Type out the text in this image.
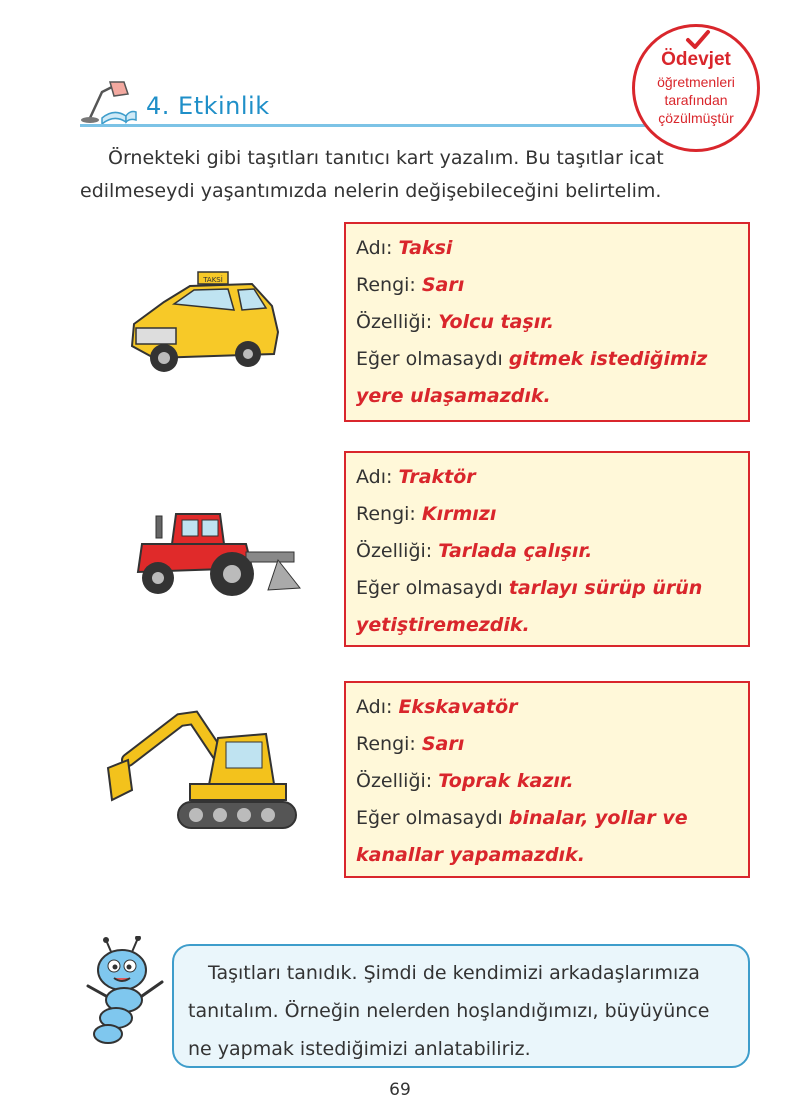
4. Etkinlik
Ödevjet
öğretmenleri
tarafından
çözülmüştür
Örnekteki gibi taşıtları tanıtıcı kart yazalım. Bu taşıtlar icat
edilmeseydi yaşantımızda nelerin değişebileceğini belirtelim.
TAKSİ
Adı: Taksi
Rengi: Sarı
Özelliği: Yolcu taşır.
Eğer olmasaydı gitmek istediğimiz
yere ulaşamazdık.
Adı: Traktör
Rengi: Kırmızı
Özelliği: Tarlada çalışır.
Eğer olmasaydı tarlayı sürüp ürün
yetiştiremezdik.
Adı: Ekskavatör
Rengi: Sarı
Özelliği: Toprak kazır.
Eğer olmasaydı binalar, yollar ve
kanallar yapamazdık.
Taşıtları tanıdık. Şimdi de kendimizi arkadaşlarımıza
tanıtalım. Örneğin nelerden hoşlandığımızı, büyüyünce
ne yapmak istediğimizi anlatabiliriz.
69
